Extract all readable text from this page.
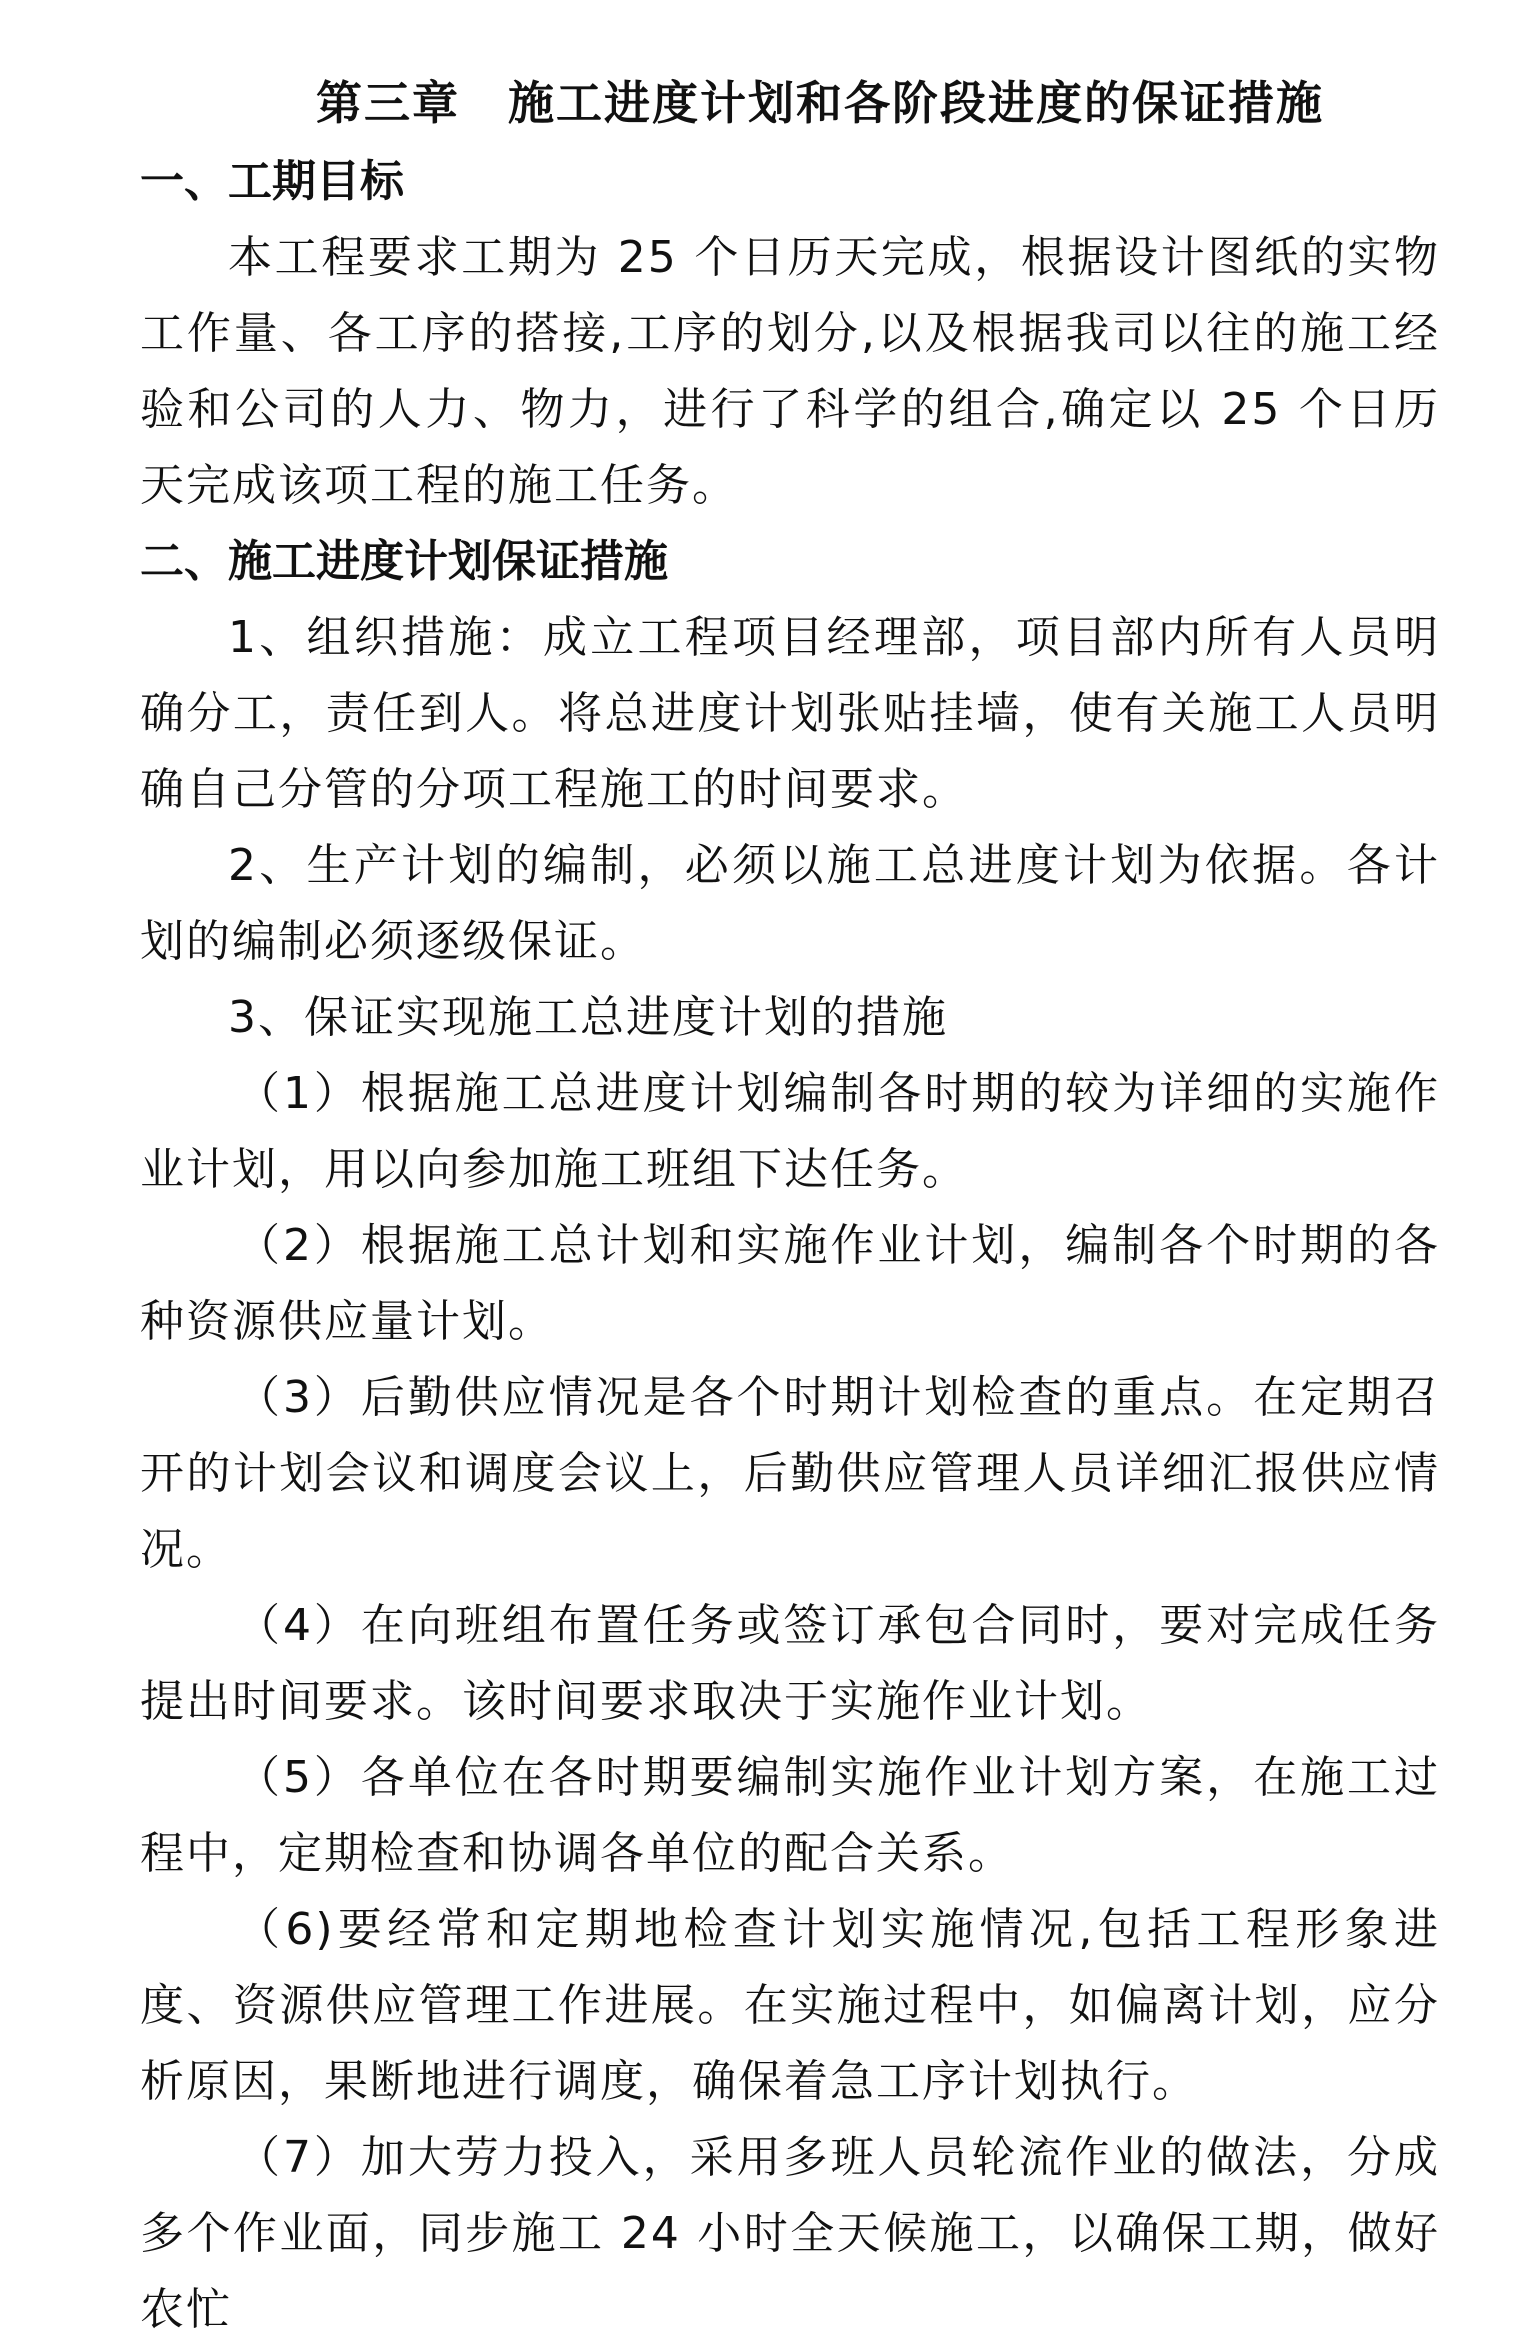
第三章　施工进度计划和各阶段进度的保证措施
一、工期目标

本工程要求工期为 25 个日历天完成，根据设计图纸的实物工作量、各工序的搭接,工序的划分,以及根据我司以往的施工经验和公司的人力、物力，进行了科学的组合,确定以 25 个日历天完成该项工程的施工任务。

二、施工进度计划保证措施

1、组织措施：成立工程项目经理部，项目部内所有人员明确分工，责任到人。将总进度计划张贴挂墙，使有关施工人员明确自己分管的分项工程施工的时间要求。

2、生产计划的编制，必须以施工总进度计划为依据。各计划的编制必须逐级保证。

3、保证实现施工总进度计划的措施

（1）根据施工总进度计划编制各时期的较为详细的实施作业计划，用以向参加施工班组下达任务。

（2）根据施工总计划和实施作业计划，编制各个时期的各种资源供应量计划。

（3）后勤供应情况是各个时期计划检查的重点。在定期召开的计划会议和调度会议上，后勤供应管理人员详细汇报供应情况。

（4）在向班组布置任务或签订承包合同时，要对完成任务提出时间要求。该时间要求取决于实施作业计划。

（5）各单位在各时期要编制实施作业计划方案，在施工过程中，定期检查和协调各单位的配合关系。

（6)要经常和定期地检查计划实施情况,包括工程形象进度、资源供应管理工作进展。在实施过程中，如偏离计划，应分析原因，果断地进行调度，确保着急工序计划执行。

（7）加大劳力投入，采用多班人员轮流作业的做法，分成多个作业面，同步施工 24 小时全天候施工，以确保工期，做好农忙
